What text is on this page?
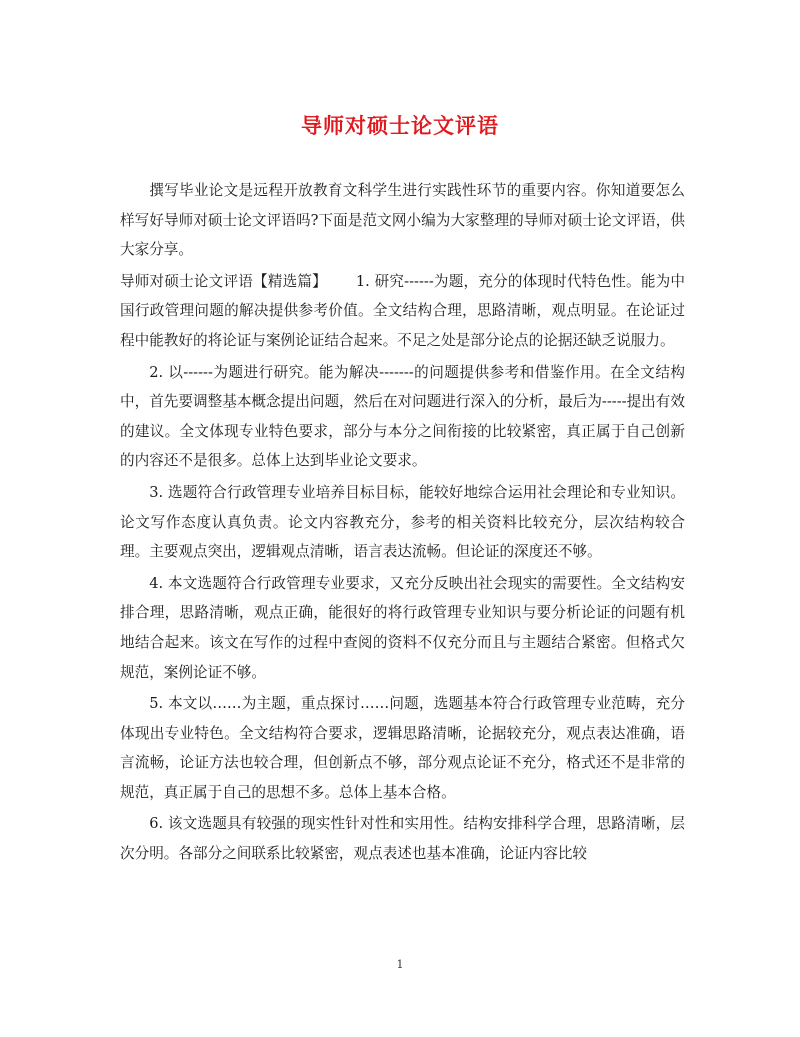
导师对硕士论文评语

撰写毕业论文是远程开放教育文科学生进行实践性环节的重要内容。你知道要怎么样写好导师对硕士论文评语吗?下面是范文网小编为大家整理的导师对硕士论文评语，供大家分享。

导师对硕士论文评语【精选篇】 1. 研究------为题，充分的体现时代特色性。能为中国行政管理问题的解决提供参考价值。全文结构合理，思路清晰，观点明显。在论证过程中能教好的将论证与案例论证结合起来。不足之处是部分论点的论据还缺乏说服力。

2. 以------为题进行研究。能为解决-------的问题提供参考和借鉴作用。在全文结构中，首先要调整基本概念提出问题，然后在对问题进行深入的分析，最后为-----提出有效的建议。全文体现专业特色要求，部分与本分之间衔接的比较紧密，真正属于自己创新的内容还不是很多。总体上达到毕业论文要求。

3. 选题符合行政管理专业培养目标目标，能较好地综合运用社会理论和专业知识。论文写作态度认真负责。论文内容教充分，参考的相关资料比较充分，层次结构较合理。主要观点突出，逻辑观点清晰，语言表达流畅。但论证的深度还不够。

4. 本文选题符合行政管理专业要求，又充分反映出社会现实的需要性。全文结构安排合理，思路清晰，观点正确，能很好的将行政管理专业知识与要分析论证的问题有机地结合起来。该文在写作的过程中查阅的资料不仅充分而且与主题结合紧密。但格式欠规范，案例论证不够。

5. 本文以……为主题，重点探讨……问题，选题基本符合行政管理专业范畴，充分体现出专业特色。全文结构符合要求，逻辑思路清晰，论据较充分，观点表达准确，语言流畅，论证方法也较合理，但创新点不够，部分观点论证不充分，格式还不是非常的规范，真正属于自己的思想不多。总体上基本合格。

6. 该文选题具有较强的现实性针对性和实用性。结构安排科学合理，思路清晰，层次分明。各部分之间联系比较紧密，观点表述也基本准确，论证内容比较

1
